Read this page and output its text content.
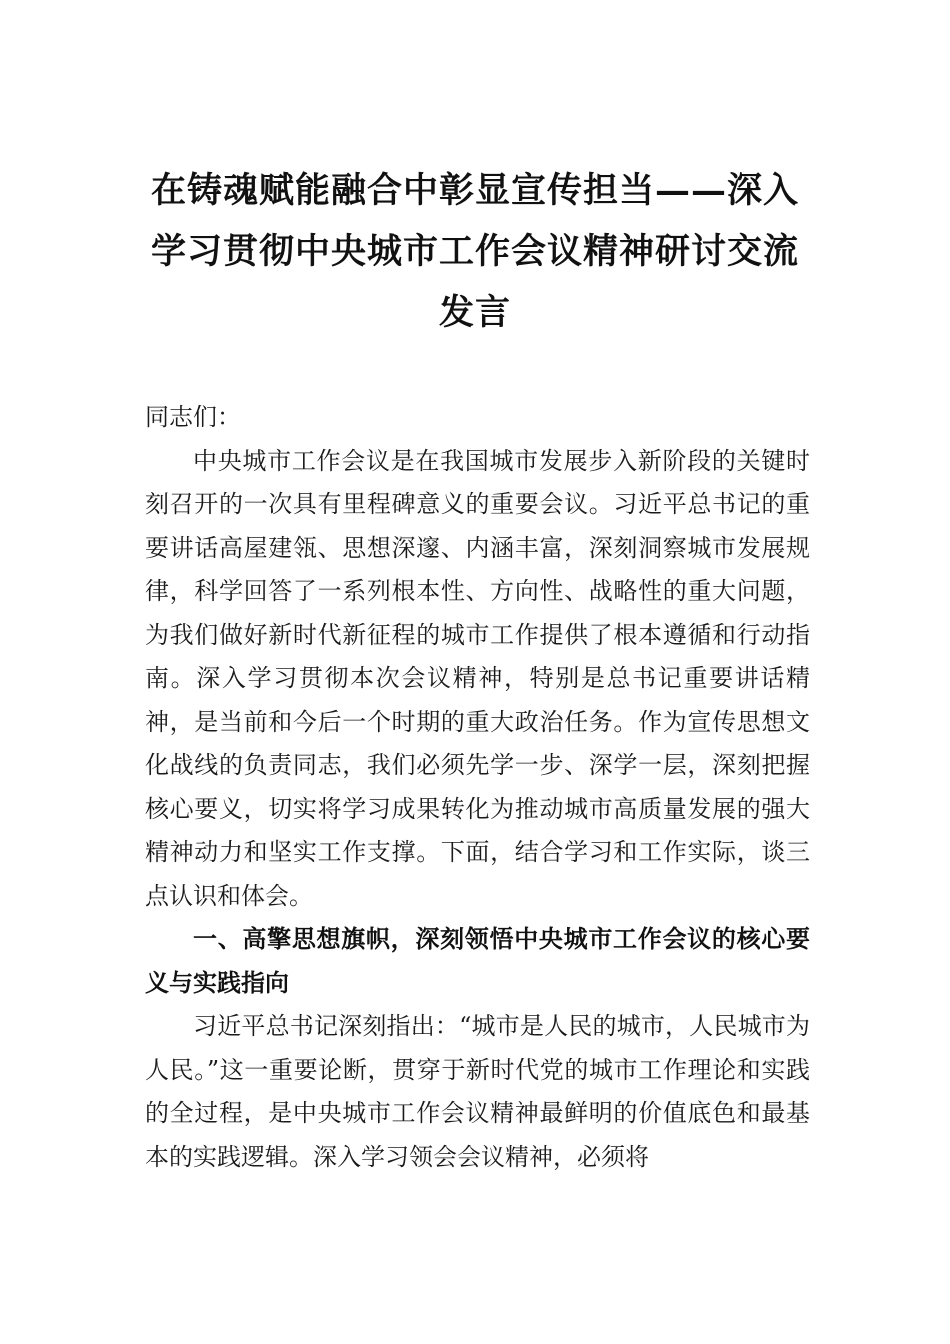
在铸魂赋能融合中彰显宣传担当——深入学习贯彻中央城市工作会议精神研讨交流发言

同志们：

中央城市工作会议是在我国城市发展步入新阶段的关键时刻召开的一次具有里程碑意义的重要会议。习近平总书记的重要讲话高屋建瓴、思想深邃、内涵丰富，深刻洞察城市发展规律，科学回答了一系列根本性、方向性、战略性的重大问题，为我们做好新时代新征程的城市工作提供了根本遵循和行动指南。深入学习贯彻本次会议精神，特别是总书记重要讲话精神，是当前和今后一个时期的重大政治任务。作为宣传思想文化战线的负责同志，我们必须先学一步、深学一层，深刻把握核心要义，切实将学习成果转化为推动城市高质量发展的强大精神动力和坚实工作支撑。下面，结合学习和工作实际，谈三点认识和体会。

一、高擎思想旗帜，深刻领悟中央城市工作会议的核心要义与实践指向

习近平总书记深刻指出：“城市是人民的城市，人民城市为人民。”这一重要论断，贯穿于新时代党的城市工作理论和实践的全过程，是中央城市工作会议精神最鲜明的价值底色和最基本的实践逻辑。深入学习领会会议精神，必须将
